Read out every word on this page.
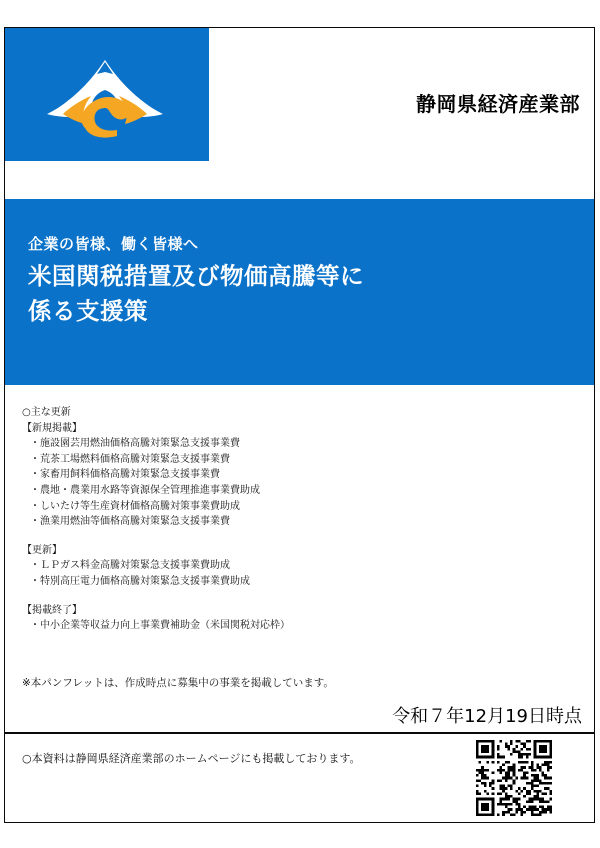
静岡県経済産業部
企業の皆様、働く皆様へ
米国関税措置及び物価高騰等に
係る支援策
○主な更新
【新規掲載】
・施設園芸用燃油価格高騰対策緊急支援事業費
・荒茶工場燃料価格高騰対策緊急支援事業費
・家畜用飼料価格高騰対策緊急支援事業費
・農地・農業用水路等資源保全管理推進事業費助成
・しいたけ等生産資材価格高騰対策事業費助成
・漁業用燃油等価格高騰対策緊急支援事業費
【更新】
・ＬＰガス料金高騰対策緊急支援事業費助成
・特別高圧電力価格高騰対策緊急支援事業費助成
【掲載終了】
・中小企業等収益力向上事業費補助金（米国関税対応枠）
※本パンフレットは、作成時点に募集中の事業を掲載しています。
令和７年12月19日時点
○本資料は静岡県経済産業部のホームページにも掲載しております。
